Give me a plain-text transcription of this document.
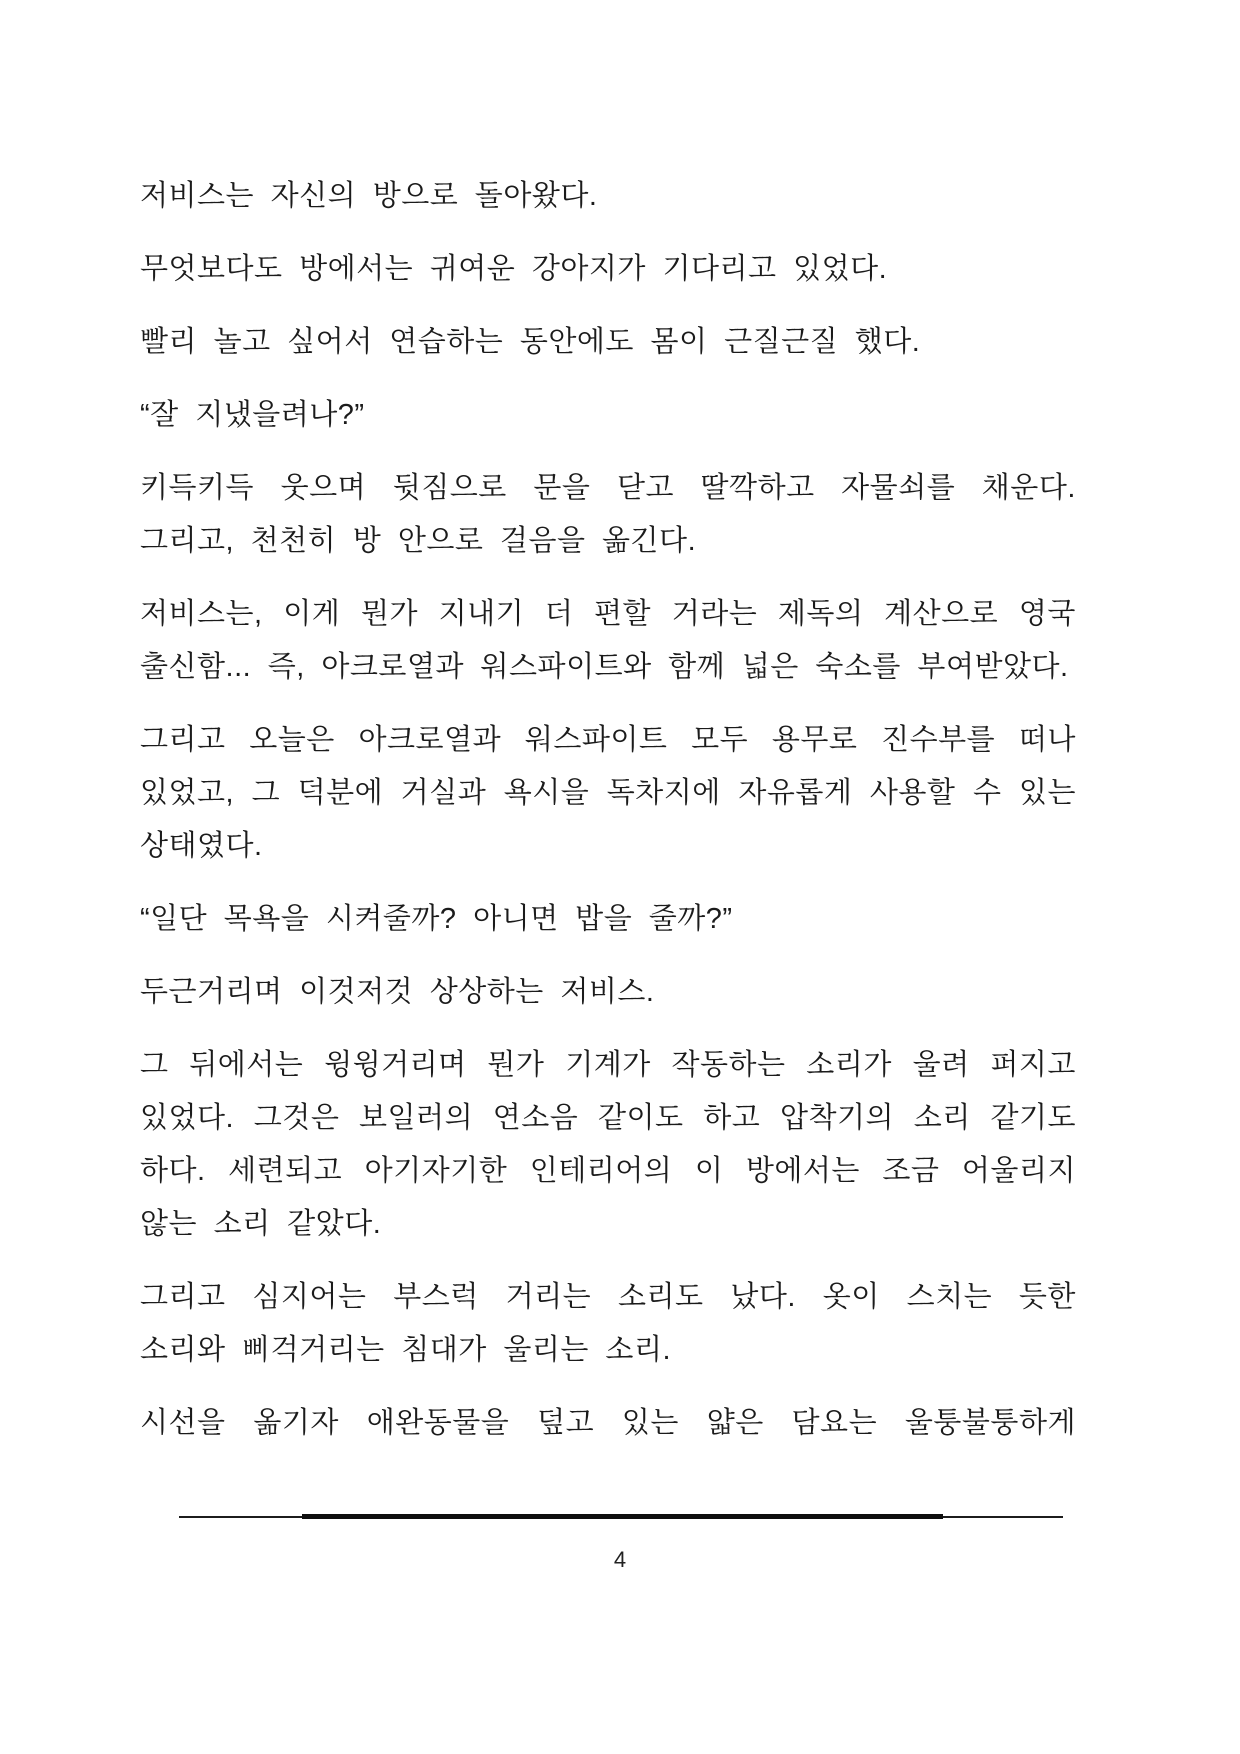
저비스는 자신의 방으로 돌아왔다.
무엇보다도 방에서는 귀여운 강아지가 기다리고 있었다.
빨리 놀고 싶어서 연습하는 동안에도 몸이 근질근질 했다.
“잘 지냈을려나?”
키득키득 웃으며 뒷짐으로 문을 닫고 딸깍하고 자물쇠를 채운다.
그리고, 천천히 방 안으로 걸음을 옮긴다.
저비스는, 이게 뭔가 지내기 더 편할 거라는 제독의 계산으로 영국
출신함... 즉, 아크로열과 워스파이트와 함께 넓은 숙소를 부여받았다.
그리고 오늘은 아크로열과 워스파이트 모두 용무로 진수부를 떠나
있었고, 그 덕분에 거실과 욕시을 독차지에 자유롭게 사용할 수 있는
상태였다.
“일단 목욕을 시켜줄까? 아니면 밥을 줄까?”
두근거리며 이것저것 상상하는 저비스.
그 뒤에서는 윙윙거리며 뭔가 기계가 작동하는 소리가 울려 퍼지고
있었다. 그것은 보일러의 연소음 같이도 하고 압착기의 소리 같기도
하다. 세련되고 아기자기한 인테리어의 이 방에서는 조금 어울리지
않는 소리 같았다.
그리고 심지어는 부스럭 거리는 소리도 났다. 옷이 스치는 듯한
소리와 삐걱거리는 침대가 울리는 소리.
시선을 옮기자 애완동물을 덮고 있는 얇은 담요는 울퉁불퉁하게
4
